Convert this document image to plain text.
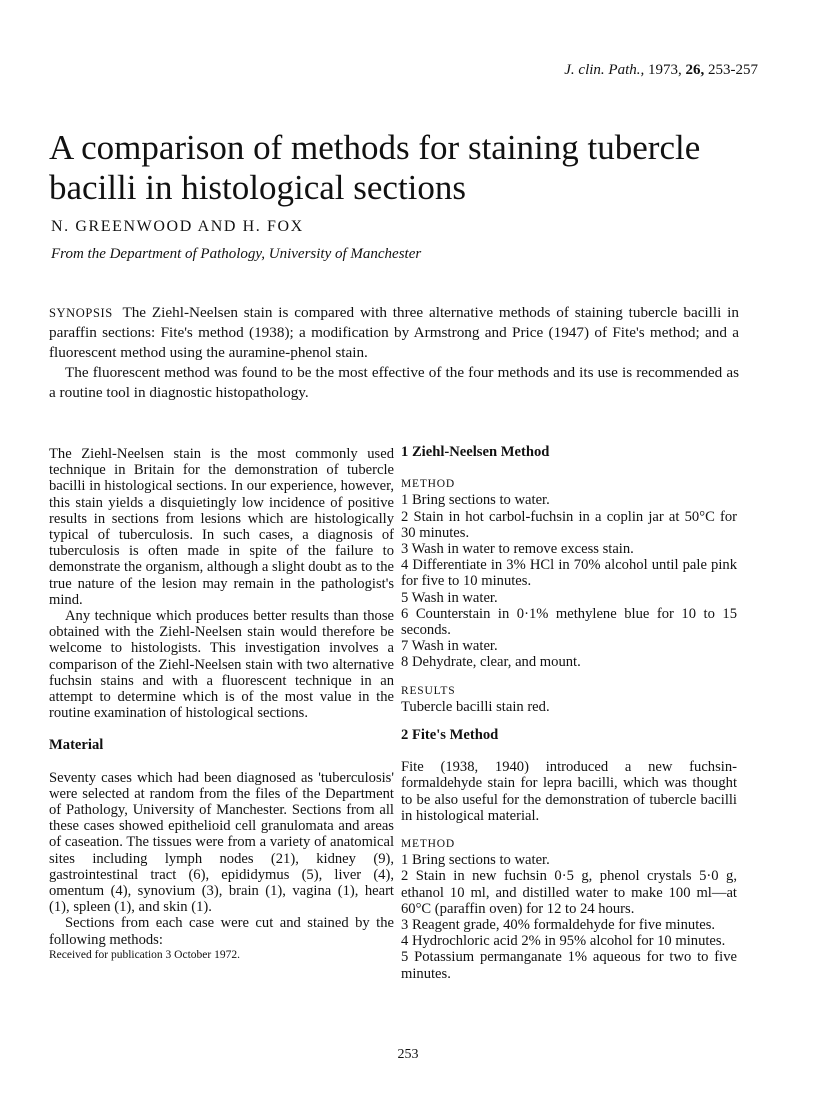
J. clin. Path., 1973, 26, 253-257
A comparison of methods for staining tubercle bacilli in histological sections
N. GREENWOOD AND H. FOX
From the Department of Pathology, University of Manchester

SYNOPSIS The Ziehl-Neelsen stain is compared with three alternative methods of staining tubercle bacilli in paraffin sections: Fite's method (1938); a modification by Armstrong and Price (1947) of Fite's method; and a fluorescent method using the auramine-phenol stain.

The fluorescent method was found to be the most effective of the four methods and its use is recommended as a routine tool in diagnostic histopathology.

The Ziehl-Neelsen stain is the most commonly used technique in Britain for the demonstration of tubercle bacilli in histological sections. In our experience, however, this stain yields a disquietingly low incidence of positive results in sections from lesions which are histologically typical of tuberculosis. In such cases, a diagnosis of tuberculosis is often made in spite of the failure to demonstrate the organism, although a slight doubt as to the true nature of the lesion may remain in the pathologist's mind.

Any technique which produces better results than those obtained with the Ziehl-Neelsen stain would therefore be welcome to histologists. This investigation involves a comparison of the Ziehl-Neelsen stain with two alternative fuchsin stains and with a fluorescent technique in an attempt to determine which is of the most value in the routine examination of histological sections.

Material

Seventy cases which had been diagnosed as 'tuberculosis' were selected at random from the files of the Department of Pathology, University of Manchester. Sections from all these cases showed epithelioid cell granulomata and areas of caseation. The tissues were from a variety of anatomical sites including lymph nodes (21), kidney (9), gastrointestinal tract (6), epididymus (5), liver (4), omentum (4), synovium (3), brain (1), vagina (1), heart (1), spleen (1), and skin (1).

Sections from each case were cut and stained by the following methods:

Received for publication 3 October 1972.

1 Ziehl-Neelsen Method

METHOD

1 Bring sections to water.

2 Stain in hot carbol-fuchsin in a coplin jar at 50°C for 30 minutes.

3 Wash in water to remove excess stain.

4 Differentiate in 3% HCl in 70% alcohol until pale pink for five to 10 minutes.

5 Wash in water.

6 Counterstain in 0·1% methylene blue for 10 to 15 seconds.

7 Wash in water.

8 Dehydrate, clear, and mount.

RESULTS

Tubercle bacilli stain red.

2 Fite's Method

Fite (1938, 1940) introduced a new fuchsin-formaldehyde stain for lepra bacilli, which was thought to be also useful for the demonstration of tubercle bacilli in histological material.

METHOD

1 Bring sections to water.

2 Stain in new fuchsin 0·5 g, phenol crystals 5·0 g, ethanol 10 ml, and distilled water to make 100 ml—at 60°C (paraffin oven) for 12 to 24 hours.

3 Reagent grade, 40% formaldehyde for five minutes.

4 Hydrochloric acid 2% in 95% alcohol for 10 minutes.

5 Potassium permanganate 1% aqueous for two to five minutes.

253
